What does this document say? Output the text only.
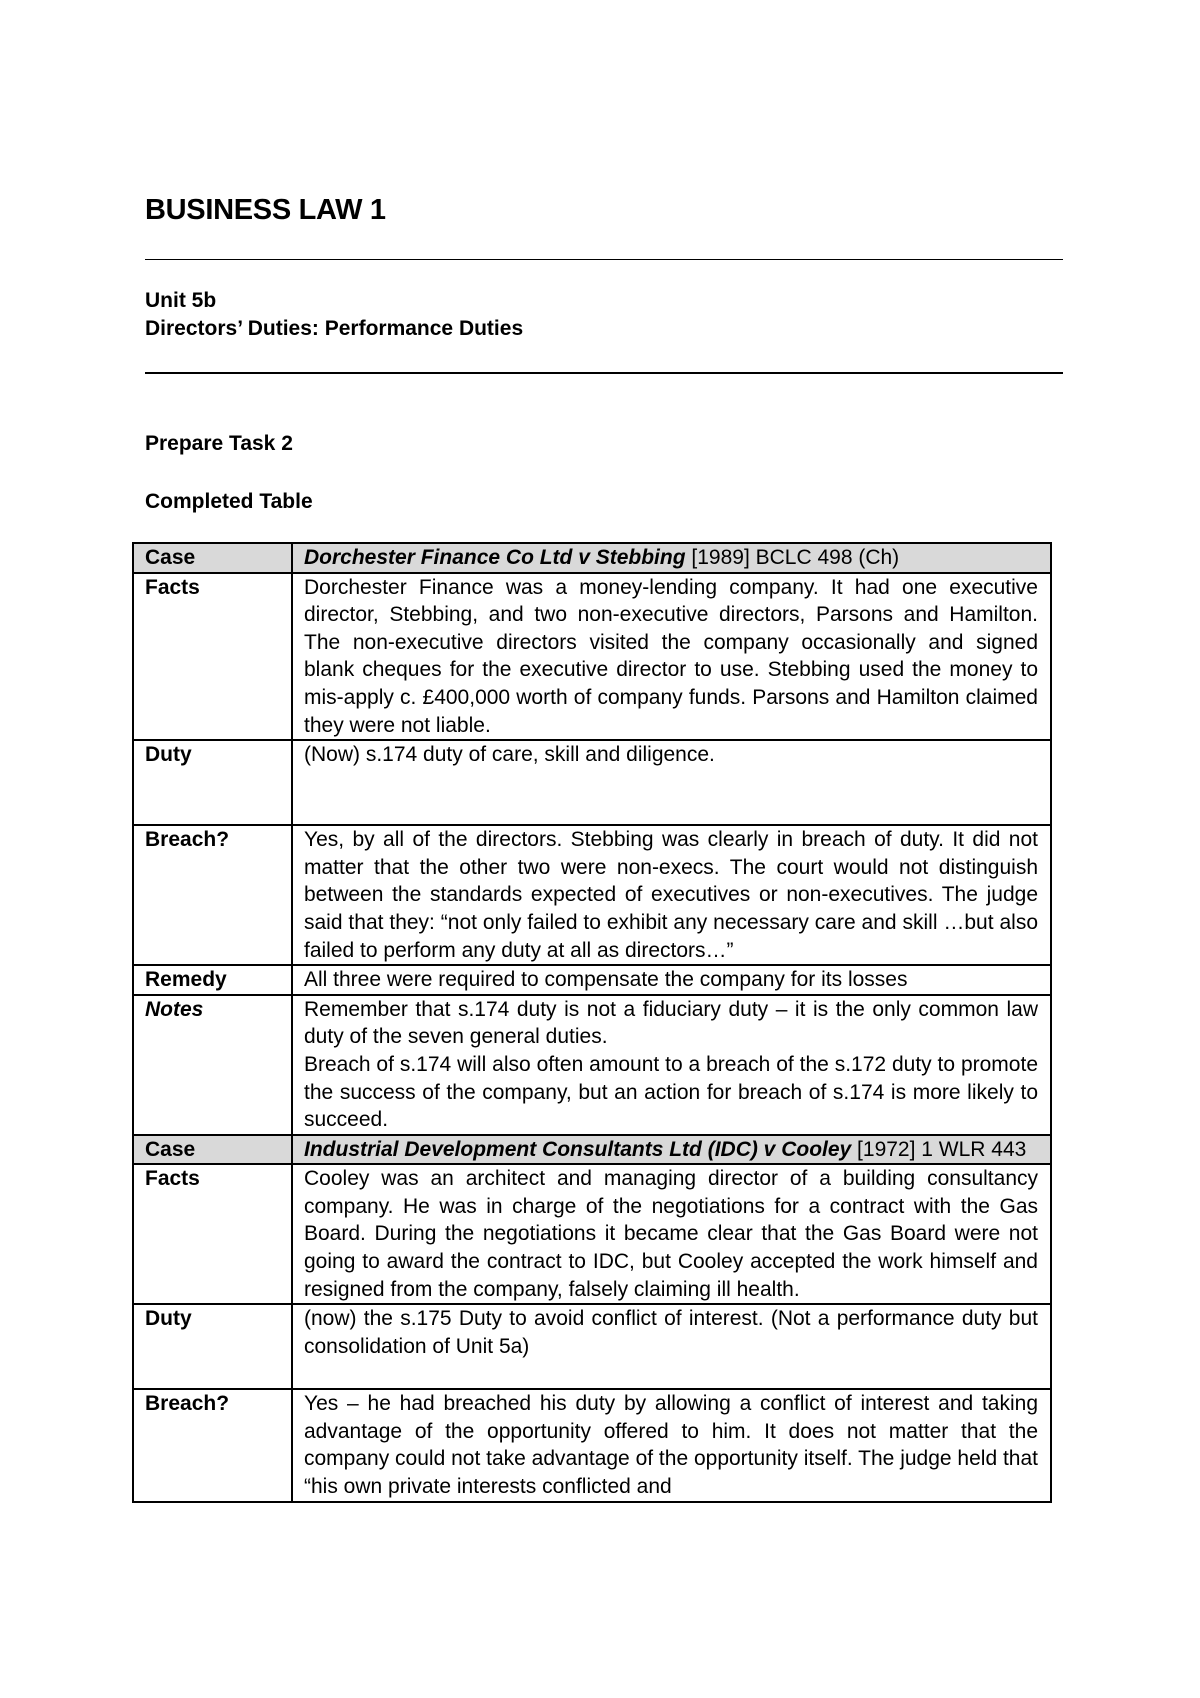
BUSINESS LAW 1
Unit 5b
Directors’ Duties: Performance Duties
Prepare Task 2
Completed Table
Case	Dorchester Finance Co Ltd v Stebbing [1989] BCLC 498 (Ch)
Facts	Dorchester Finance was a money-lending company. It had one executive director, Stebbing, and two non-executive directors, Parsons and Hamilton. The non-executive directors visited the company occasionally and signed blank cheques for the executive director to use. Stebbing used the money to mis-apply c. £400,000 worth of company funds. Parsons and Hamilton claimed they were not liable.
Duty	(Now) s.174 duty of care, skill and diligence.
Breach?	Yes, by all of the directors. Stebbing was clearly in breach of duty. It did not matter that the other two were non-execs. The court would not distinguish between the standards expected of executives or non-executives. The judge said that they: “not only failed to exhibit any necessary care and skill …but also failed to perform any duty at all as directors…”
Remedy	All three were required to compensate the company for its losses
Notes	Remember that s.174 duty is not a fiduciary duty – it is the only common law duty of the seven general duties.
Breach of s.174 will also often amount to a breach of the s.172 duty to promote the success of the company, but an action for breach of s.174 is more likely to succeed.

Case	Industrial Development Consultants Ltd (IDC) v Cooley [1972] 1 WLR 443
Facts	Cooley was an architect and managing director of a building consultancy company. He was in charge of the negotiations for a contract with the Gas Board. During the negotiations it became clear that the Gas Board were not going to award the contract to IDC, but Cooley accepted the work himself and resigned from the company, falsely claiming ill health.
Duty	(now) the s.175 Duty to avoid conflict of interest. (Not a performance duty but consolidation of Unit 5a)
Breach?	Yes – he had breached his duty by allowing a conflict of interest and taking advantage of the opportunity offered to him. It does not matter that the company could not take advantage of the opportunity itself. The judge held that “his own private interests conflicted and
